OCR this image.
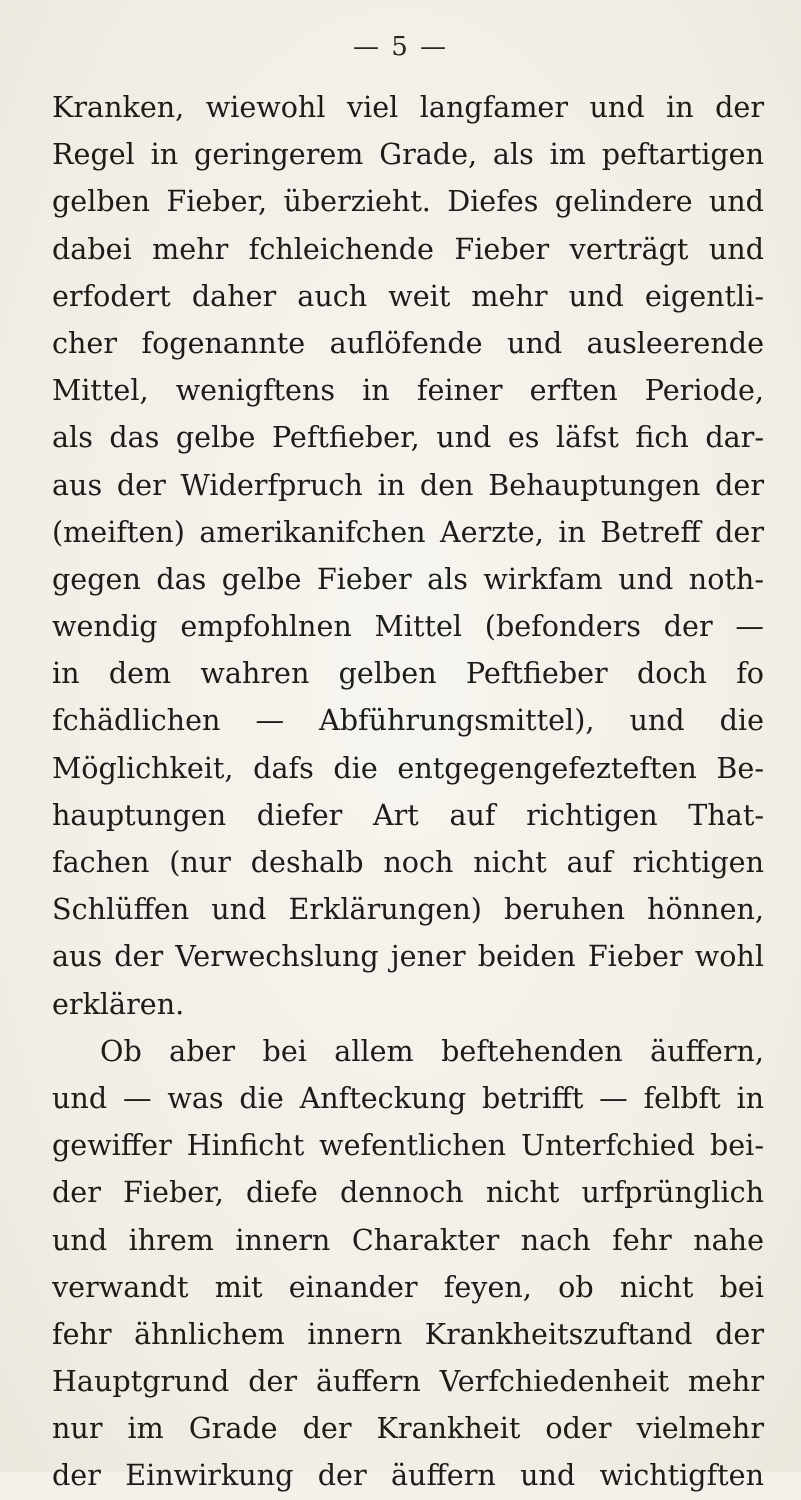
— 5 —
Kranken, wiewohl viel langfamer und in der
Regel in geringerem Grade, als im peftartigen
gelben Fieber, überzieht. Diefes gelindere und
dabei mehr fchleichende Fieber verträgt und
erfodert daher auch weit mehr und eigentli-
cher fogenannte auflöfende und ausleerende
Mittel, wenigftens in feiner erften Periode,
als das gelbe Peftfieber, und es läfst fich dar-
aus der Widerfpruch in den Behauptungen der
(meiften) amerikanifchen Aerzte, in Betreff der
gegen das gelbe Fieber als wirkfam und noth-
wendig empfohlnen Mittel (befonders der —
in dem wahren gelben Peftfieber doch fo
fchädlichen — Abführungsmittel), und die
Möglichkeit, dafs die entgegengefezteften Be-
hauptungen diefer Art auf richtigen That-
fachen (nur deshalb noch nicht auf richtigen
Schlüffen und Erklärungen) beruhen hönnen,
aus der Verwechslung jener beiden Fieber wohl
erklären.
Ob aber bei allem beftehenden äuffern,
und — was die Anfteckung betrifft — felbft in
gewiffer Hinficht wefentlichen Unterfchied bei-
der Fieber, diefe dennoch nicht urfprünglich
und ihrem innern Charakter nach fehr nahe
verwandt mit einander feyen, ob nicht bei
fehr ähnlichem innern Krankheitszuftand der
Hauptgrund der äuffern Verfchiedenheit mehr
nur im Grade der Krankheit oder vielmehr
der Einwirkung der äuffern und wichtigften
